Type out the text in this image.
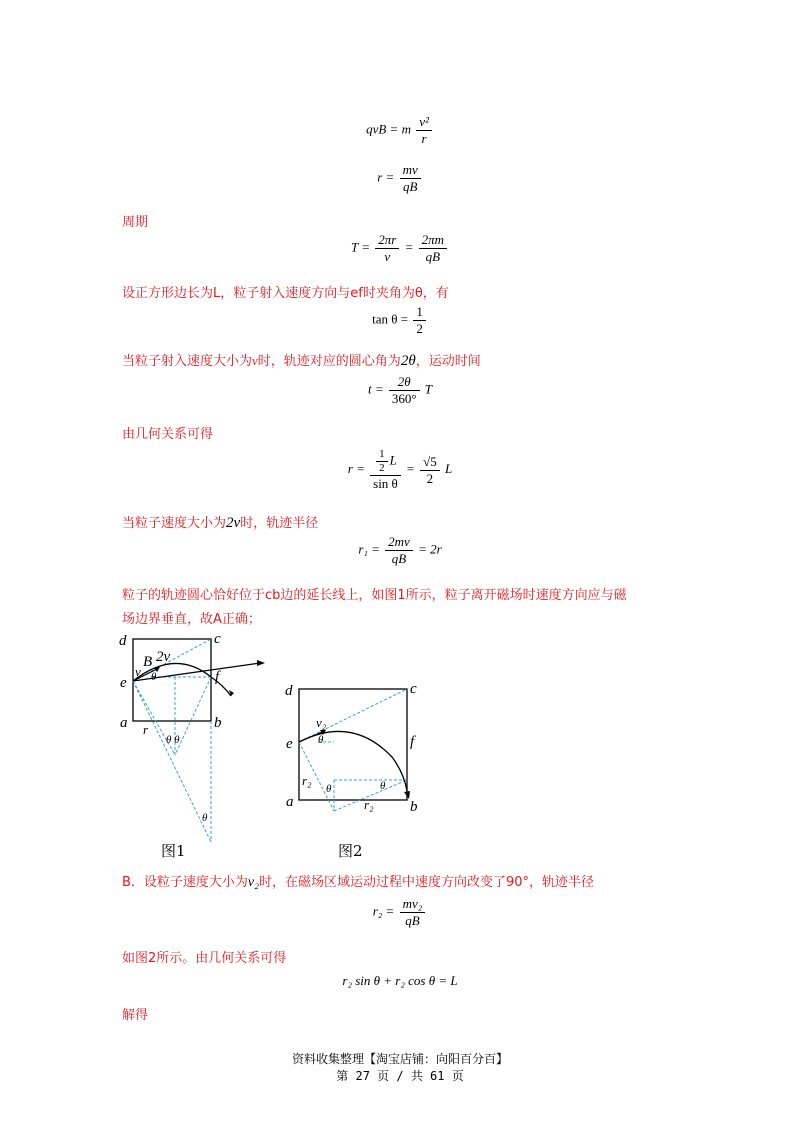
qvB = m $\frac{\text{v²}}{r}$
$r = \frac{mv}{qB}$
周期
$T = \frac{2\pi r}{v} = \frac{2\pi m}{qB}$
设正方形边长为L，粒子射入速度方向与ef时夹角为θ，有
$\tan \theta = \frac{1}{2}$
当粒子射入速度大小为v时，轨迹对应的圆心角为2θ，运动时间
$t = \frac{2\theta}{360^\circ}$ T
由几何关系可得
$r = \frac{\frac{1}{2} L}{\text{sin θ}} = \frac{√5}{2}$ L
当粒子速度大小为2v时，轨迹半径
$r_1 = \frac{2mv}{qB} = 2r$
粒子的轨迹圆心恰好位于cb边的延长线上，如图1所示，粒子离开磁场时速度方向应与磁
场边界垂直，故A正确；
d	c
e	f
a	b
B 2v
v θ
r
θ θ
θ
图1
d	c
e	f
a	b
v₂
θ
r₂
θ
r₂
θ
图2
B．设粒子速度大小为v₂时，在磁场区域运动过程中速度方向改变了90°，轨迹半径
$r_2 = \frac{\text{mv₂}}{qB}$
如图2所示。由几何关系可得
r₂ sin θ + r₂ cos θ = L
解得
资料收集整理【淘宝店铺：向阳百分百】
第 27 页 / 共 61 页
